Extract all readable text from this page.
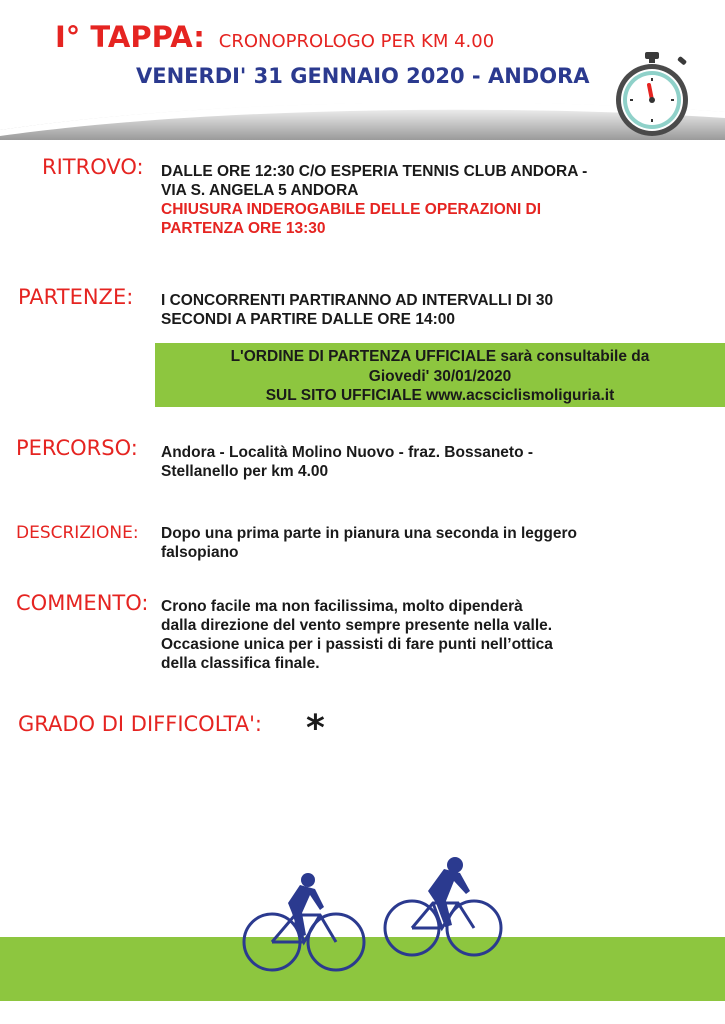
I° TAPPA: CRONOPROLOGO PER KM 4.00
VENERDI' 31 GENNAIO 2020 - ANDORA
RITROVO: DALLE ORE 12:30 C/O ESPERIA TENNIS CLUB ANDORA -
VIA S. ANGELA 5 ANDORA
CHIUSURA INDEROGABILE DELLE OPERAZIONI DI
PARTENZA ORE 13:30
PARTENZE: I CONCORRENTI PARTIRANNO AD INTERVALLI DI 30
SECONDI A PARTIRE DALLE ORE 14:00
L'ORDINE DI PARTENZA UFFICIALE sarà consultabile da
Giovedi' 30/01/2020
SUL SITO UFFICIALE www.acsciclismoliguria.it
PERCORSO: Andora - Località Molino Nuovo - fraz. Bossaneto -
Stellanello per km 4.00
DESCRIZIONE: Dopo una prima parte in pianura una seconda in leggero
falsopiano
COMMENTO: Crono facile ma non facilissima, molto dipenderà
dalla direzione del vento sempre presente nella valle.
Occasione unica per i passisti di fare punti nell’ottica
della classifica finale.
GRADO DI DIFFICOLTA': *
